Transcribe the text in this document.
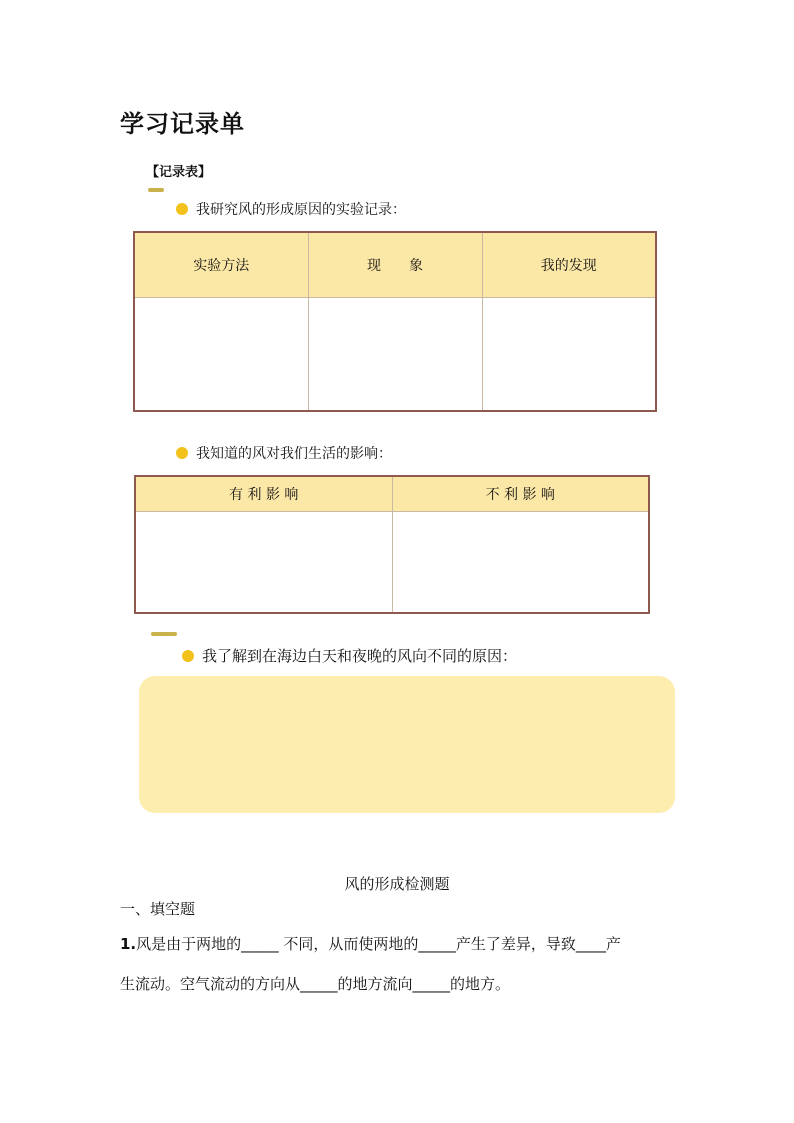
学习记录单
【记录表】
我研究风的形成原因的实验记录：
实验方法	现　　象	我的发现

我知道的风对我们生活的影响：
有 利 影 响	不 利 影 响

我了解到在海边白天和夜晚的风向不同的原因：
风的形成检测题
一、填空题
1.风是由于两地的_____ 不同，从而使两地的_____产生了差异，导致____产
生流动。空气流动的方向从_____的地方流向_____的地方。
